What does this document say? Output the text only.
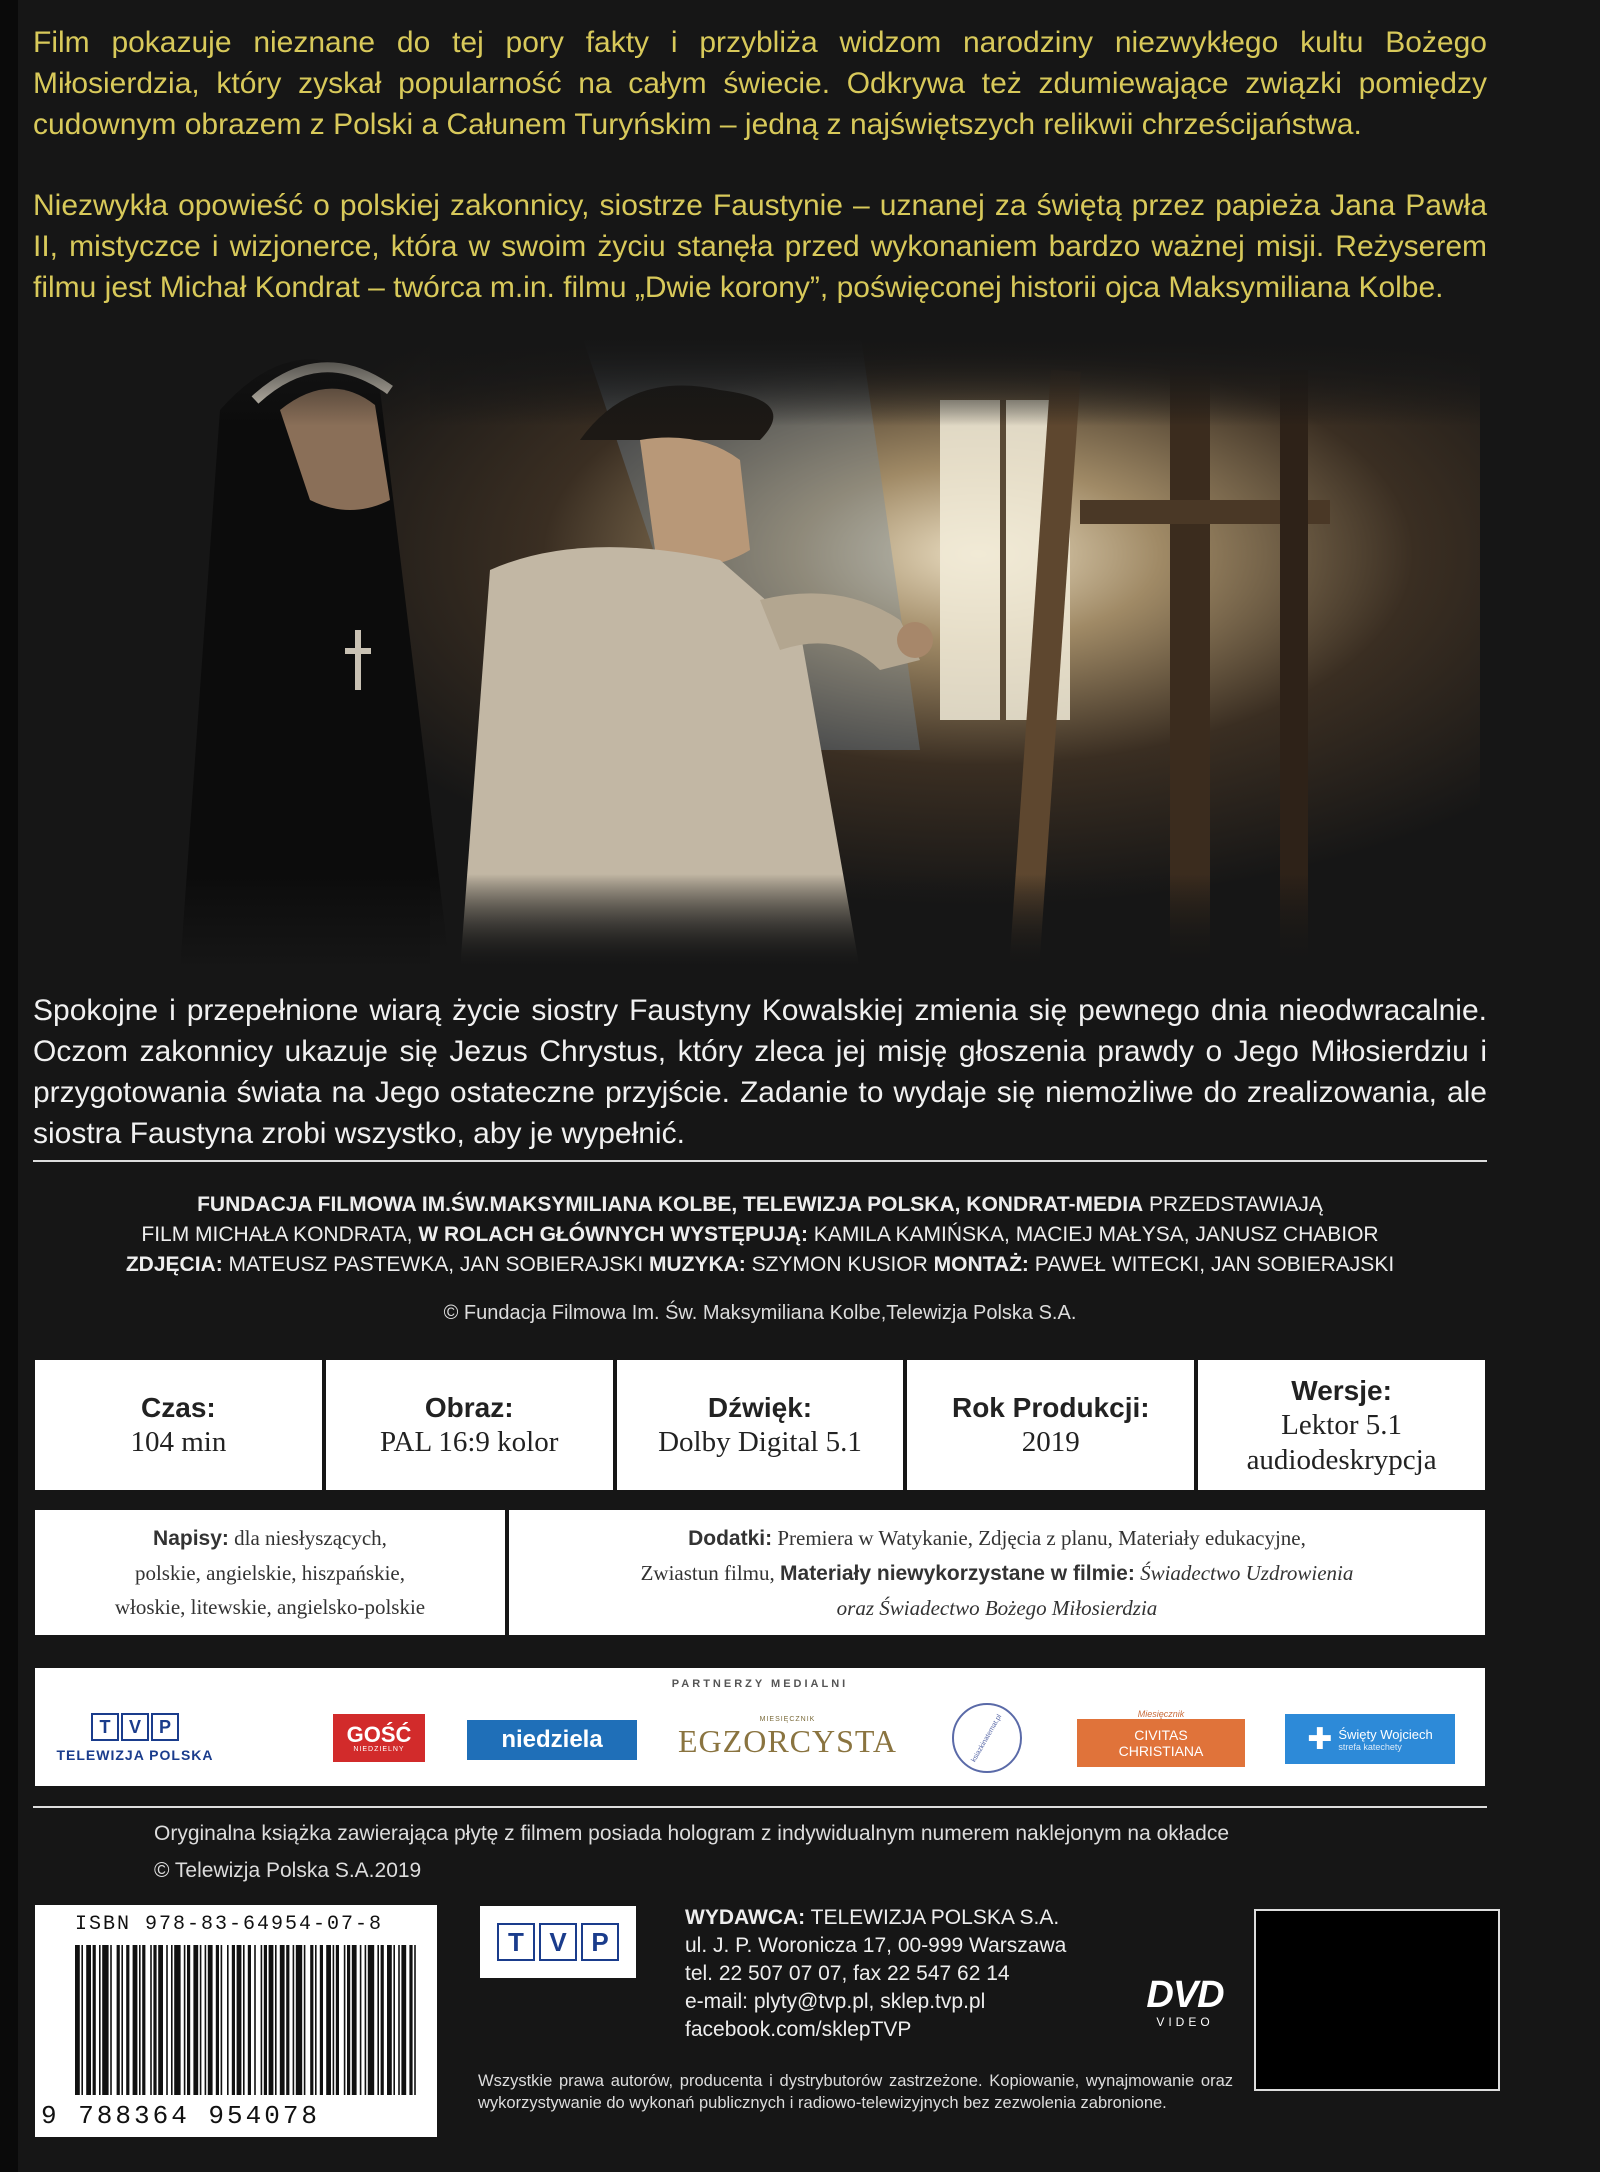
Film pokazuje nieznane do tej pory fakty i przybliża widzom narodziny niezwykłego kultu Bożego Miłosierdzia, który zyskał popularność na całym świecie. Odkrywa też zdumiewające związki pomiędzy cudownym obrazem z Polski a Całunem Turyńskim – jedną z najświętszych relikwii chrześcijaństwa.

Niezwykła opowieść o polskiej zakonnicy, siostrze Faustynie – uznanej za świętą przez papieża Jana Pawła II, mistyczce i wizjonerce, która w swoim życiu stanęła przed wykonaniem bardzo ważnej misji. Reżyserem filmu jest Michał Kondrat – twórca m.in. filmu „Dwie korony”, poświęconej historii ojca Maksymiliana Kolbe.

Spokojne i przepełnione wiarą życie siostry Faustyny Kowalskiej zmienia się pewnego dnia nieodwracalnie. Oczom zakonnicy ukazuje się Jezus Chrystus, który zleca jej misję głoszenia prawdy o Jego Miłosierdziu i przygotowania świata na Jego ostateczne przyjście. Zadanie to wydaje się niemożliwe do zrealizowania, ale siostra Faustyna zrobi wszystko, aby je wypełnić.

FUNDACJA FILMOWA IM.ŚW.MAKSYMILIANA KOLBE, TELEWIZJA POLSKA, KONDRAT-MEDIA PRZEDSTAWIAJĄ
FILM MICHAŁA KONDRATA, W ROLACH GŁÓWNYCH WYSTĘPUJĄ: KAMILA KAMIŃSKA, MACIEJ MAŁYSA, JANUSZ CHABIOR
ZDJĘCIA: MATEUSZ PASTEWKA, JAN SOBIERAJSKI MUZYKA: SZYMON KUSIOR MONTAŻ: PAWEŁ WITECKI, JAN SOBIERAJSKI
© Fundacja Filmowa Im. Św. Maksymiliana Kolbe,Telewizja Polska S.A.
Czas:
104 min
Obraz:
PAL 16:9 kolor
Dźwięk:
Dolby Digital 5.1
Rok Produkcji:
2019
Wersje:
Lektor 5.1
audiodeskrypcja
Napisy: dla niesłyszących,
polskie, angielskie, hiszpańskie,
włoskie, litewskie, angielsko-polskie
Dodatki: Premiera w Watykanie, Zdjęcia z planu, Materiały edukacyjne,
Zwiastun filmu, Materiały niewykorzystane w filmie: Świadectwo Uzdrowienia
oraz Świadectwo Bożego Miłosierdzia
PARTNERZY MEDIALNI
T	V P
TELEWIZJA POLSKA
GOŚĆ
NIEDZIELNY	niedziela
MIESIĘCZNIK
EGZORCYSTA	ksiazkinatemat.pl	Miesięcznik
CIVITAS
CHRISTIANA	✚ Święty Wojciech
strefa katechety
Oryginalna książka zawierająca płytę z filmem posiada hologram z indywidualnym numerem naklejonym na okładce
© Telewizja Polska S.A.2019
ISBN 978-83-64954-07-8
9 788364 954078
T V P
WYDAWCA: TELEWIZJA POLSKA S.A.
ul. J. P. Woronicza 17, 00-999 Warszawa
tel. 22 507 07 07, fax 22 547 62 14
e-mail: plyty@tvp.pl, sklep.tvp.pl
facebook.com/sklepTVP
DVD
VIDEO
Wszystkie prawa autorów, producenta i dystrybutorów zastrzeżone. Kopiowanie, wynajmowanie oraz wykorzystywanie do wykonań publicznych i radiowo-telewizyjnych bez zezwolenia zabronione.
